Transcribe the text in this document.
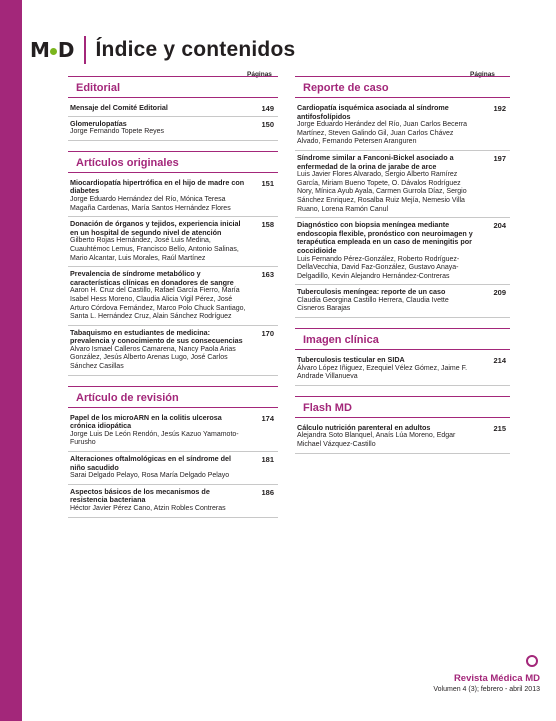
M D Índice y contenidos
Páginas	Páginas
Editorial
Mensaje del Comité Editorial	149
Glomerulopatías
Jorge Fernando Topete Reyes
150
Artículos originales
Miocardiopatía hipertrófica en el hijo de madre con diabetes
Jorge Eduardo Hernández del Río, Mónica Teresa Magaña Cardenas, María Santos Hernández Flores
151
Donación de órganos y tejidos, experiencia inicial en un hospital de segundo nivel de atención
Gilberto Rojas Hernández, José Luis Medina, Cuauhtémoc Lemus, Francisco Belío, Antonio Salinas, Mario Alcantar, Luis Morales, Raúl Martínez
158
Prevalencia de síndrome metabólico y características clínicas en donadores de sangre
Aaron H. Cruz del Castillo, Rafael García Fierro, María Isabel Hess Moreno, Claudia Alicia Vigil Pérez, José Arturo Córdova Fernández, Marco Polo Chuck Santiago, Santa L. Hernández Cruz, Alain Sánchez Rodríguez
163
Tabaquismo en estudiantes de medicina: prevalencia y conocimiento de sus consecuencias
Alvaro Ismael Calleros Camarena, Nancy Paola Arias González, Jesús Alberto Arenas Lugo, José Carlos Sánchez Casillas
170
Artículo de revisión
Papel de los microARN en la colitis ulcerosa crónica idiopática
Jorge Luis De León Rendón, Jesús Kazuo Yamamoto-Furusho
174
Alteraciones oftalmológicas en el síndrome del niño sacudido
Sarai Delgado Pelayo, Rosa María Delgado Pelayo
181
Aspectos básicos de los mecanismos de resistencia bacteriana
Héctor Javier Pérez Cano, Atzin Robles Contreras
186
Reporte de caso
Cardiopatía isquémica asociada al síndrome antifosfolípidos
Jorge Eduardo Herández del Río, Juan Carlos Becerra Martínez, Steven Galindo Gil, Juan Carlos Chávez Alvado, Fernando Petersen Aranguren
192
Síndrome similar a Fanconi-Bickel asociado a enfermedad de la orina de jarabe de arce
Luis Javier Flores Alvarado, Sergio Alberto Ramírez García, Miriam Bueno Topete, O. Dávalos Rodríguez Nory, Mínica Ayub Ayala, Carmen Gurrola Díaz, Sergio Sánchez Enriquez, Rosalba Ruiz Mejía, Nemesio Villa Ruano, Lorena Ramón Canul
197
Diagnóstico con biopsia meníngea mediante endoscopia flexible, pronóstico con neuroimagen y terapéutica empleada en un caso de meningitis por coccidioide
Luis Fernando Pérez-González, Roberto Rodríguez-DellaVecchia, David Faz-González, Gustavo Anaya-Delgadillo, Kevin Alejandro Hernández-Contreras
204
Tuberculosis meníngea: reporte de un caso
Claudia Georgina Castillo Herrera, Claudia Ivette Cisneros Barajas
209
Imagen clínica
Tuberculosis testicular en SIDA
Álvaro López Iñiguez, Ezequiel Vélez Gómez, Jaime F. Andrade Villanueva
214
Flash MD
Cálculo nutrición parenteral en adultos
Alejandra Soto Blanquel, Anaís Lúa Moreno, Edgar Michael Vázquez-Castillo
215
Revista Médica MD
Volumen 4 (3); febrero - abril 2013
